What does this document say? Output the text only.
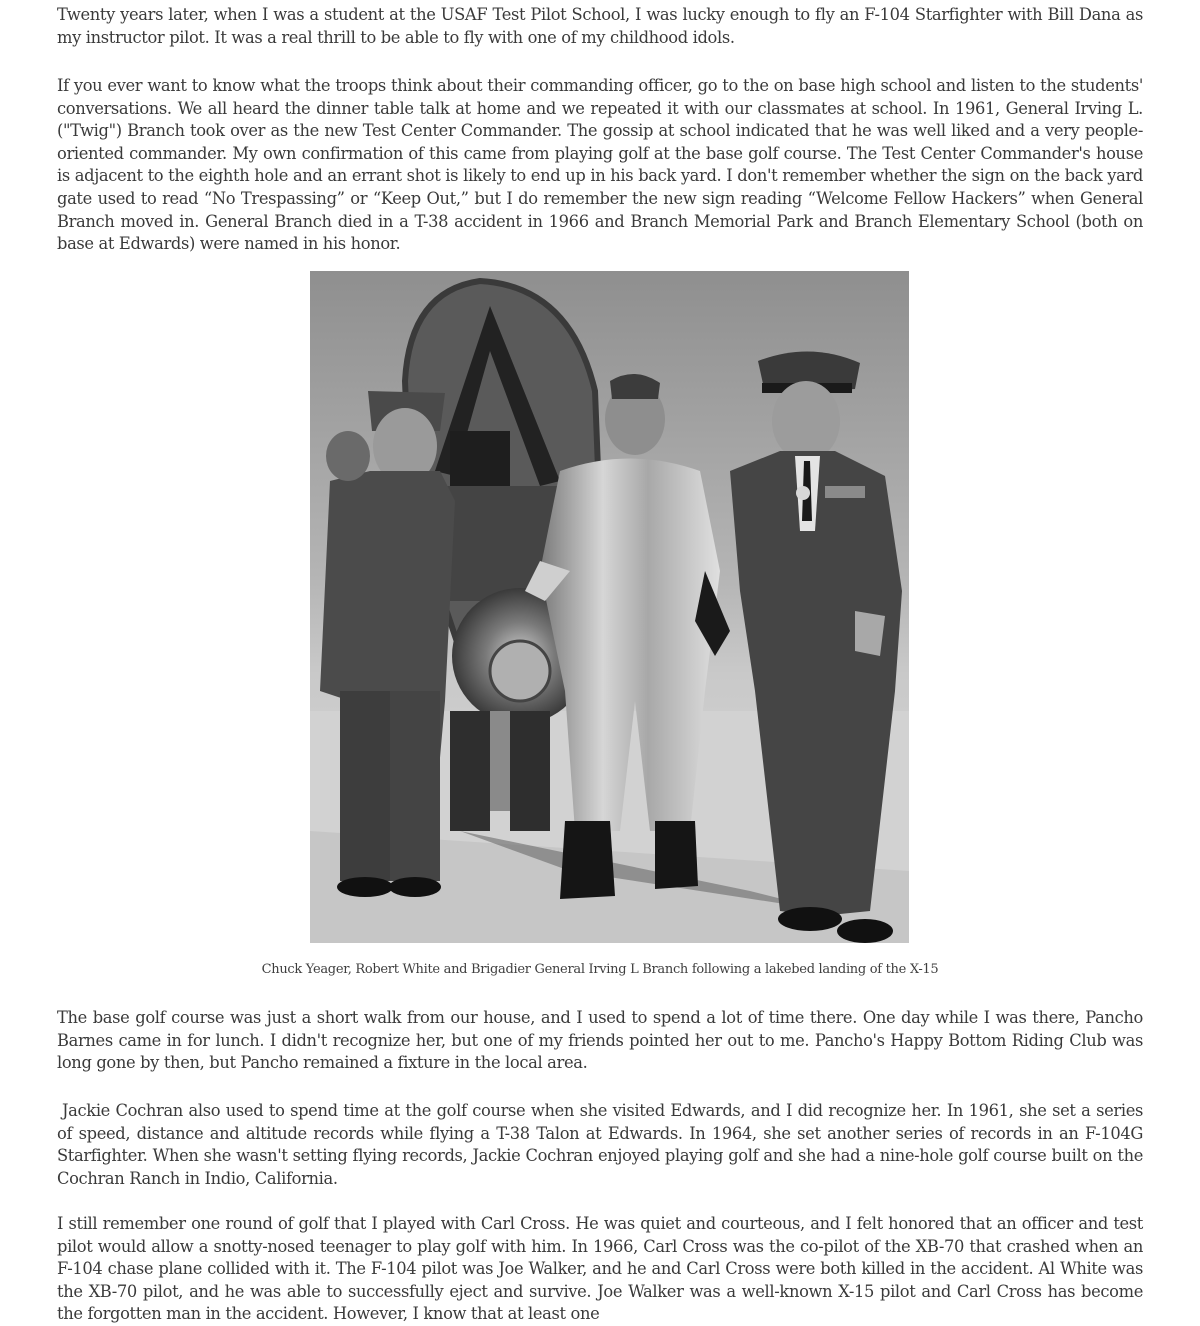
Twenty years later, when I was a student at the USAF Test Pilot School, I was lucky enough to fly an F-104 Starfighter with Bill Dana as my instructor pilot. It was a real thrill to be able to fly with one of my childhood idols.

If you ever want to know what the troops think about their commanding officer, go to the on base high school and listen to the students' conversations. We all heard the dinner table talk at home and we repeated it with our classmates at school. In 1961, General Irving L. ("Twig") Branch took over as the new Test Center Commander. The gossip at school indicated that he was well liked and a very people-oriented commander. My own confirmation of this came from playing golf at the base golf course. The Test Center Commander's house is adjacent to the eighth hole and an errant shot is likely to end up in his back yard. I don't remember whether the sign on the back yard gate used to read “No Trespassing” or “Keep Out,” but I do remember the new sign reading “Welcome Fellow Hackers” when General Branch moved in. General Branch died in a T-38 accident in 1966 and Branch Memorial Park and Branch Elementary School (both on base at Edwards) were named in his honor.

Chuck Yeager, Robert White and Brigadier General Irving L Branch following a lakebed landing of the X-15

The base golf course was just a short walk from our house, and I used to spend a lot of time there. One day while I was there, Pancho Barnes came in for lunch. I didn't recognize her, but one of my friends pointed her out to me. Pancho's Happy Bottom Riding Club was long gone by then, but Pancho remained a fixture in the local area.

Jackie Cochran also used to spend time at the golf course when she visited Edwards, and I did recognize her. In 1961, she set a series of speed, distance and altitude records while flying a T-38 Talon at Edwards. In 1964, she set another series of records in an F-104G Starfighter. When she wasn't setting flying records, Jackie Cochran enjoyed playing golf and she had a nine-hole golf course built on the Cochran Ranch in Indio, California.

I still remember one round of golf that I played with Carl Cross. He was quiet and courteous, and I felt honored that an officer and test pilot would allow a snotty-nosed teenager to play golf with him. In 1966, Carl Cross was the co-pilot of the XB-70 that crashed when an F-104 chase plane collided with it. The F-104 pilot was Joe Walker, and he and Carl Cross were both killed in the accident. Al White was the XB-70 pilot, and he was able to successfully eject and survive. Joe Walker was a well-known X-15 pilot and Carl Cross has become the forgotten man in the accident. However, I know that at least one
